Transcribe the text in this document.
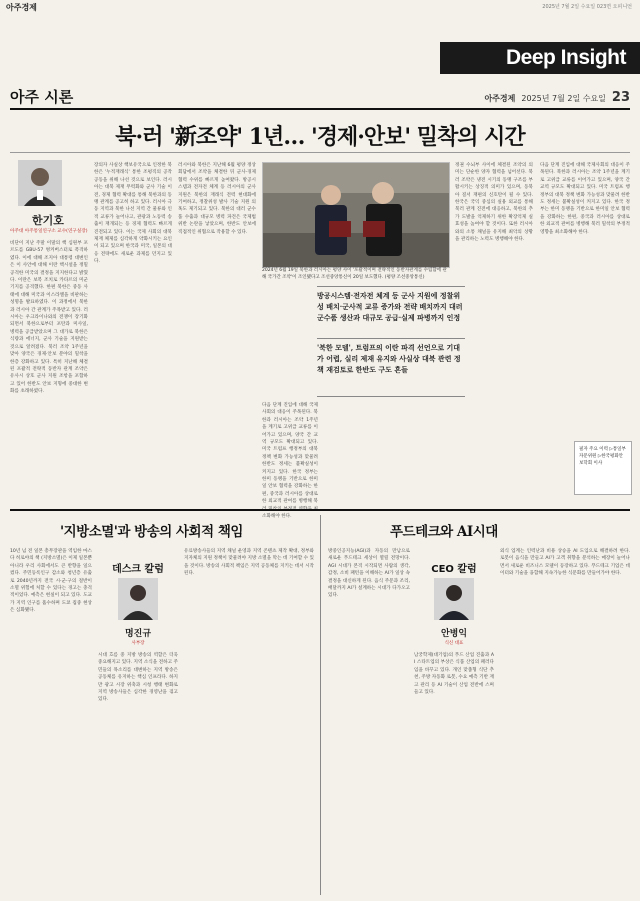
아주경제	2025년 7월 2일 수요일 023면 오피니언
Deep Insight
아주 시론	아주경제 2025년 7월 2일 수요일 23
북·러 '新조약' 1년… '경제·안보' 밀착의 시간
한기호
아주대 아주통일연구소 교수(연구실장)
비단이 지난 주말 이말의 핵 심원부 포르도를 GBU-57 벙커버스터로 폭격하였다. 이에 대해 조지아 대통령 대변인은 이 사안에 대해 이란 핵시설을 정밀 공격한 미국의 결정을 지지한다고 밝혔다. 이란은 보복 조치로 카타르의 미군기지를 공격했다. 한편 북한은 중동 사태에 대해 미국과 이스라엘을 비판하는 성명을 발표하였다. 이 과정에서 북한과 러시아 간 관계가 주목받고 있다. 러시아는 우크라이나와의 전쟁이 장기화되면서 북한으로부터 포탄과 미사일, 병력을 공급받았으며 그 대가로 북한은 식량과 에너지, 군사 기술을 지원받는 것으로 알려졌다. 북러 조약 1주년을 맞아 양국은 경제·안보 분야의 밀착을 한층 강화하고 있다. 특히 지난해 체결된 포괄적 전략적 동반자 관계 조약은 유사시 상호 군사 지원 조항을 포함하고 있어 한반도 안보 지형에 중대한 변화를 초래하였다.
장의자 사실상 핵보유국으로 인정한 북한은 '누적재래식' 통한 조평직의 공작 공동을 위해 나선 것으로 보인다. 러시아는 대북 제재 무력화와 군사 기술 이전, 경제 협력 확대를 통해 북한과의 동맹 관계를 공고히 하고 있다. 러시아 극동 지역과 북한 나선 지역 간 물류와 인적 교류가 늘어나고, 관광과 노동력 송출이 재개되는 등 경제 협력도 빠르게 진전되고 있다. 이는 국제 사회의 대북 제재 체제를 심각하게 약화시키는 요인이 되고 있으며 한국과 미국, 일본의 대응 전략에도 새로운 과제를 던지고 있다.
러시아와 북한은 지난해 6월 평양 정상회담에서 조약을 체결한 뒤 군사·경제 협력 수위를 빠르게 높여왔다. 방공시스템과 전자전 체계 등 러시아의 군사 지원은 북한의 재래식 전력 현대화에 기여하고, 정찰위성 발사 기술 지원 의혹도 제기되고 있다. 북한의 대러 군수품 수출과 대규모 병력 파견은 국제법 위반 논란을 낳았으며, 한반도 안보에 직접적인 위협으로 작용할 수 있다.
2024년 6월 19일 북한과 러시아는 평양 사이 '포괄적이며 전략적인 동반자관계를 수립함에 관해 국가간 조약'이 조인됐다고 조선중앙통신이 20일 보도했다. (평양 조선중앙통신)
방공시스템·전자전 체계 등 군사 지원에 정찰위성 배치·군사적 교류 증가와 전략 배치까지 대러 군수품 생산과 대규모 공급·실제 파병까지 인정
'북한 모델', 트럼프의 이란 파격 선언으로 기대가 어렵, 실리 제재 유지와 사실상 대북 관련 정책 재검토로 한반도 구도 흔들
다음 단계 진입에 대해 국제사회의 대응이 주목된다. 북한과 러시아는 조약 1주년을 계기로 고위급 교류를 이어가고 있으며, 양국 간 교역 규모도 확대되고 있다. 미국 트럼프 행정부의 대북 정책 변화 가능성과 맞물려 한반도 정세는 불확실성이 커지고 있다. 한국 정부는 한미 동맹을 기반으로 한미일 안보 협력을 강화하는 한편, 중국과 러시아를 상대로 한 외교적 관여를 병행해 북 소화해야 한다.
정권 수뇌부 사이에 체결된 조약의 의미는 단순한 양자 협력을 넘어선다. 북러 조약은 냉전 시기의 동맹 구조를 부활시키는 상징적 의미가 있으며, 동북아 질서 재편의 신호탄이 될 수 있다. 한국은 국익 중심의 실용 외교를 통해 북러 관계 진전에 대응하고, 북한의 추가 도발을 억제하기 위한 확장억제 실효성을 높여야 할 것이다. 또한 러시아와의 소통 채널을 유지해 최악의 상황을 관리하는 노력도 병행해야 한다.
다음 단계 진입에 대해 국제사회의 대응이 주목된다. 북한과 러시아는 조약 1주년을 계기로 고위급 교류를 이어가고 있으며, 양국 간 교역 규모도 확대되고 있다. 미국 트럼프 행정부의 대북 정책 변화 가능성과 맞물려 한반도 정세는 불확실성이 커지고 있다. 한국 정부는 한미 동맹을 기반으로 한미일 안보 협력을 강화하는 한편, 중국과 러시아를 상대로 한 외교적 관여를 병행해 북러 밀착의 부정적 영향을 최소화해야 한다.
필자 주요 이력 ▷통일부 자문위원 ▷한국평화안보학회 이사
'지방소멸'과 방송의 사회적 책임
10년 넘 전 일본 총무장관을 역임한 마스다 히로야의 책 (지방소멸)은 이제 일본뿐 아니라 우리 사회에서도 큰 반향을 일으켰다. 주민등록인구 감소와 청년층 유출로 2040년까지 전국 시·군·구의 절반이 소멸 위험에 처할 수 있다는 경고는 충격적이었다. 예측은 현실이 되고 있다. 도교가 지역 인구를 흡수하며 도쿄 집중 현상은 심화됐다.
데스크 칼럼
명진규
사부장
시대 흐름 중 지방 방송의 역할은 더욱 중요해지고 있다. 지역 소식을 전하고 주민들의 목소리를 대변하는 지역 방송은 공동체를 유지하는 핵심 인프라다. 하지만 광고 시장 위축과 시청 행태 변화로 지역 방송사들은 심각한 경영난을 겪고 있다.
유료방송사들의 지역 채널 운영과 지역 콘텐츠 제작 확대, 정부와 지자체의 지원 정책이 맞물려야 지방 소멸을 막는 데 기여할 수 있을 것이다. 방송의 사회적 책임은 지역 공동체를 지키는 데서 시작된다.
푸드테크와 AI시대
방중인공지능(AGI)과 자동의 만남으로 새로운 푸드테크 세상이 열릴 전망이다. AGI 시대가 본격 시작되면 사람의 생각, 감정, 소비 패턴을 이해하는 AI가 일상 속 결정을 대신하게 된다. 음식 주문과 조리, 배달까지 AI가 설계하는 시대가 다가오고 있다.
CEO 칼럼
안병익
식신 대표
남궁학제(대기업)의 푸드 산업 진출과 AI 스타트업의 부상은 식품 산업의 패러다임을 바꾸고 있다. 개인 맞춤형 식단 추천, 주방 자동화 로봇, 수요 예측 기반 재고 관리 등 AI 기술이 산업 전반에 스며들고 있다.
외식 업계는 인력난과 비용 상승을 AI 도입으로 해결하려 한다. 로봇이 음식을 만들고 AI가 고객 취향을 분석하는 매장이 늘어나면서 새로운 비즈니스 모델이 등장하고 있다. 푸드테크 기업은 데이터와 기술을 융합해 지속가능한 식문화를 만들어가야 한다.
